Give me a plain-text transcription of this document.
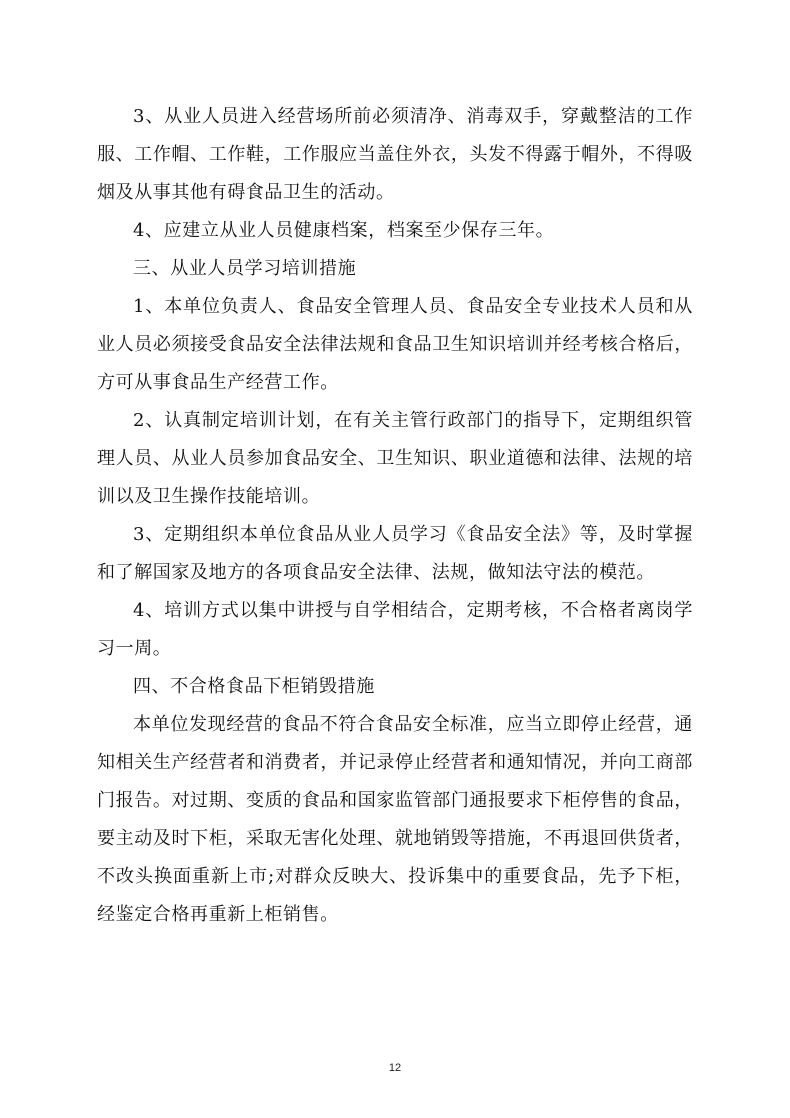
3、从业人员进入经营场所前必须清净、消毒双手，穿戴整洁的工作服、工作帽、工作鞋，工作服应当盖住外衣，头发不得露于帽外，不得吸烟及从事其他有碍食品卫生的活动。

4、应建立从业人员健康档案，档案至少保存三年。

三、从业人员学习培训措施

1、本单位负责人、食品安全管理人员、食品安全专业技术人员和从业人员必须接受食品安全法律法规和食品卫生知识培训并经考核合格后，方可从事食品生产经营工作。

2、认真制定培训计划，在有关主管行政部门的指导下，定期组织管理人员、从业人员参加食品安全、卫生知识、职业道德和法律、法规的培训以及卫生操作技能培训。

3、定期组织本单位食品从业人员学习《食品安全法》等，及时掌握和了解国家及地方的各项食品安全法律、法规，做知法守法的模范。

4、培训方式以集中讲授与自学相结合，定期考核，不合格者离岗学习一周。

四、不合格食品下柜销毁措施

本单位发现经营的食品不符合食品安全标准，应当立即停止经营，通知相关生产经营者和消费者，并记录停止经营者和通知情况，并向工商部门报告。对过期、变质的食品和国家监管部门通报要求下柜停售的食品，要主动及时下柜，采取无害化处理、就地销毁等措施，不再退回供货者，不改头换面重新上市;对群众反映大、投诉集中的重要食品，先予下柜，经鉴定合格再重新上柜销售。

12
